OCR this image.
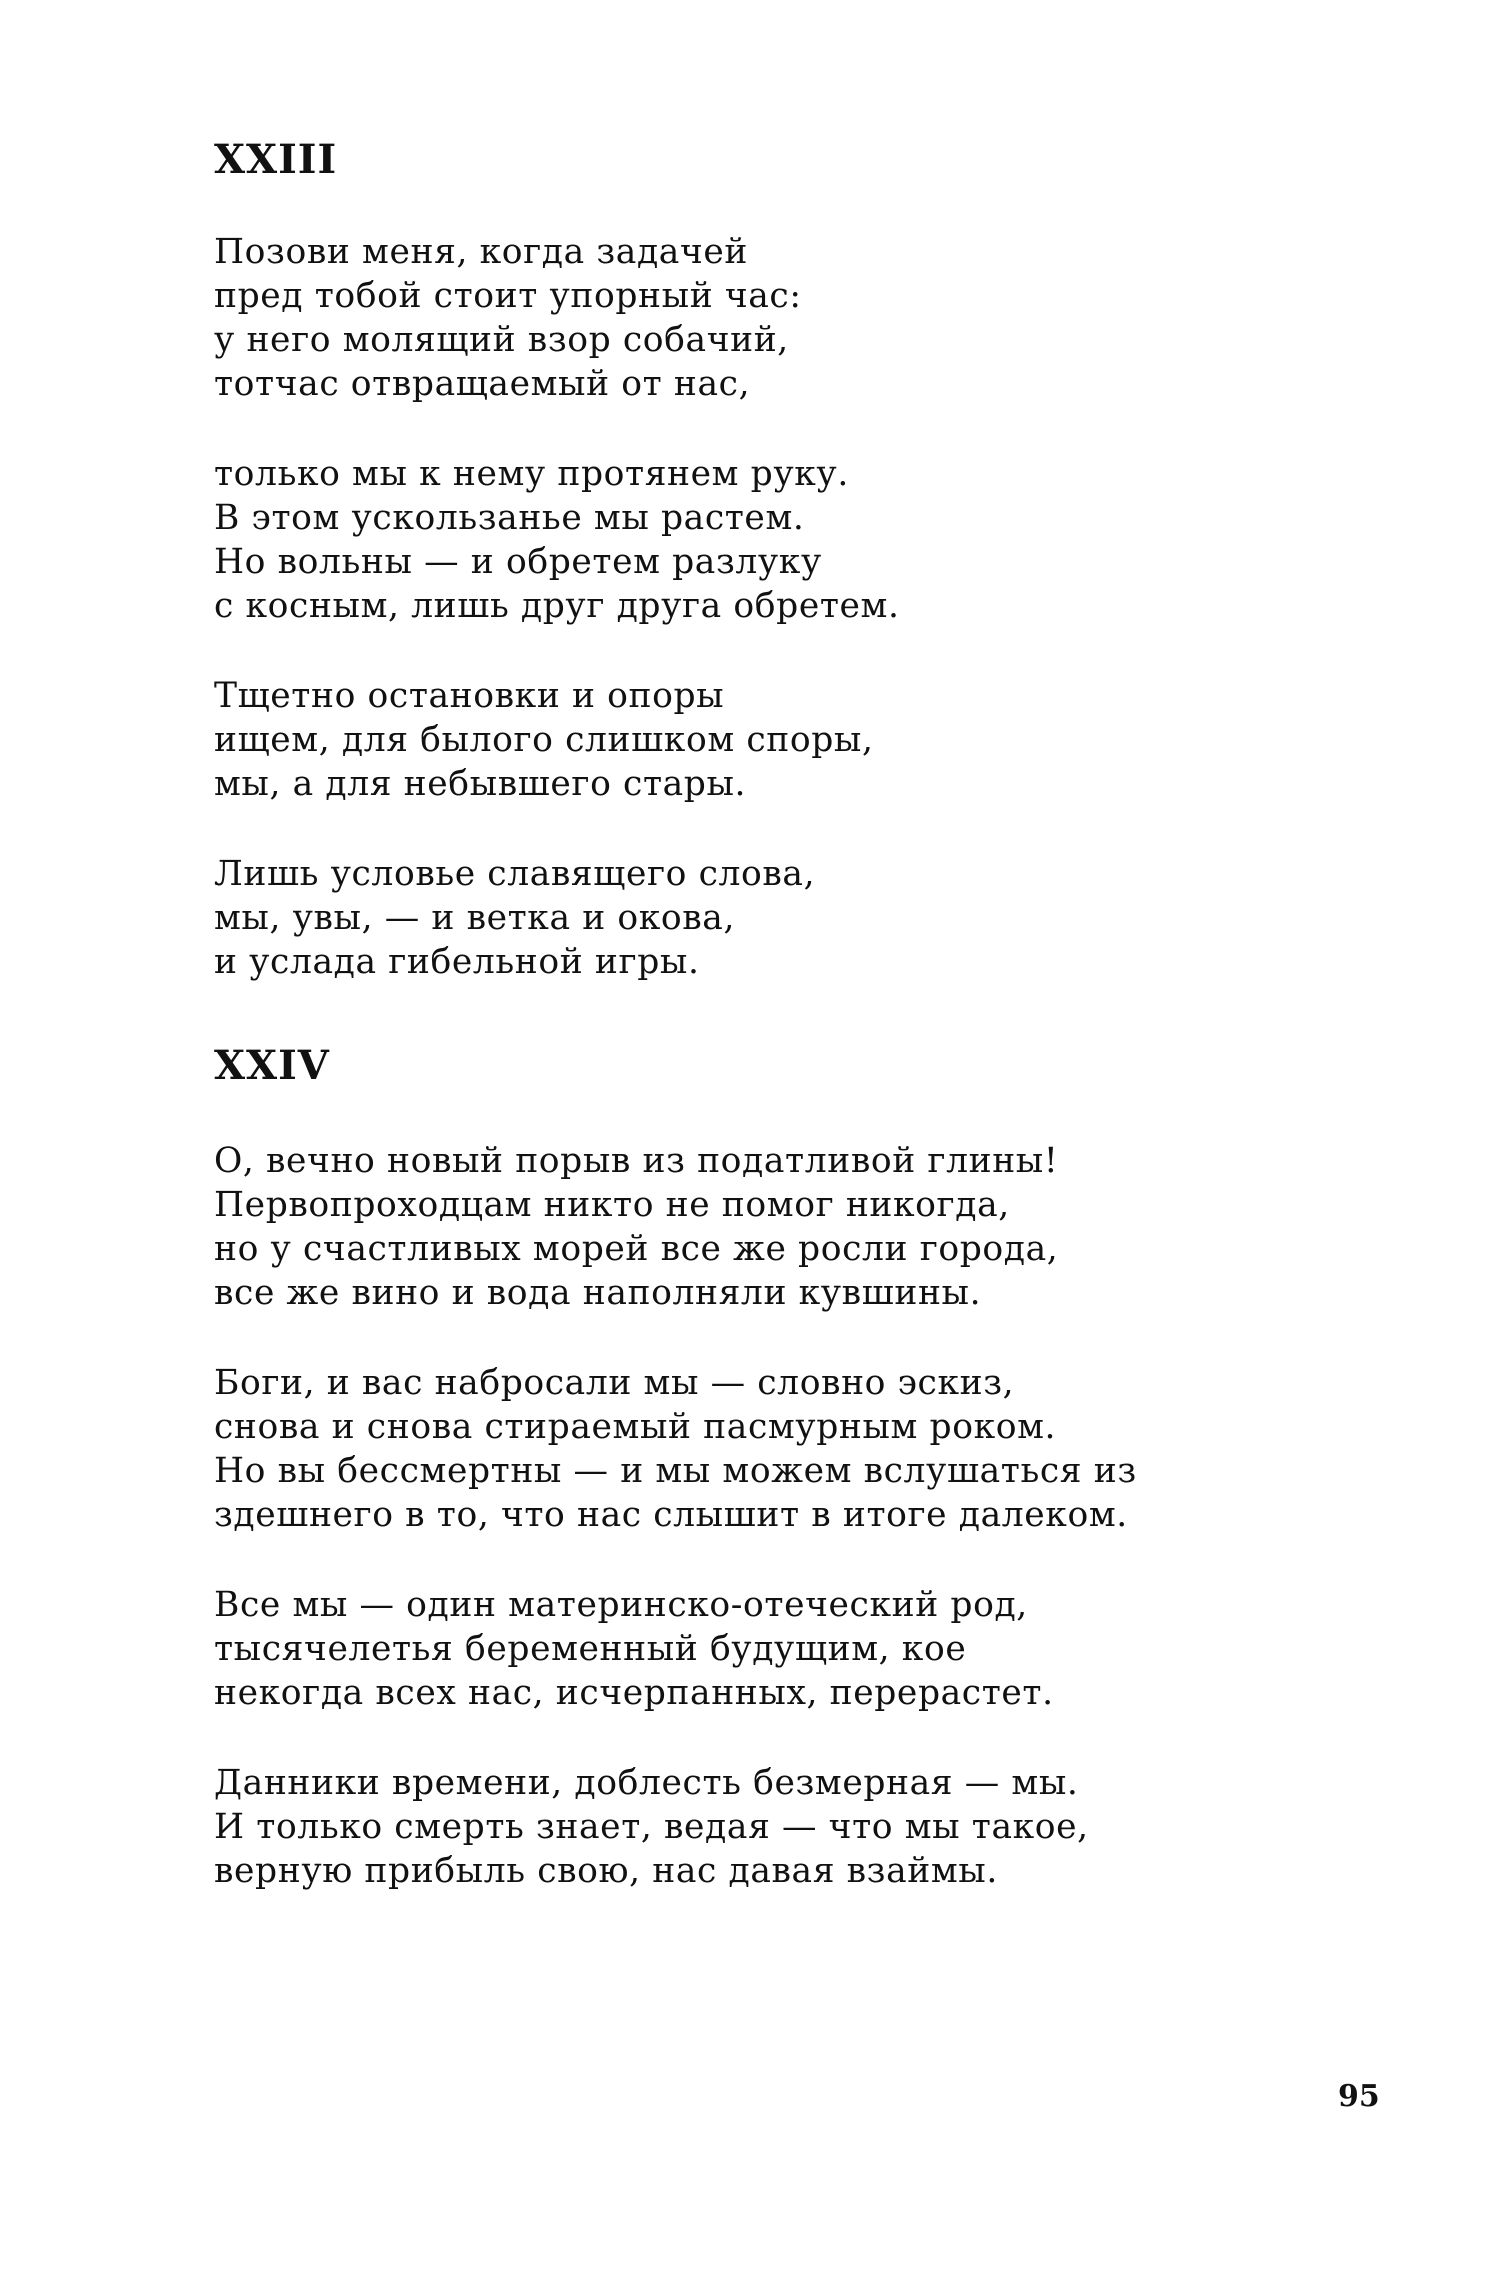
XXIII
Позови меня, когда задачей
пред тобой стоит упорный час:
у него молящий взор собачий,
тотчас отвращаемый от нас,
только мы к нему протянем руку.
В этом ускользанье мы растем.
Но вольны — и обретем разлуку
с косным, лишь друг друга обретем.
Тщетно остановки и опоры
ищем, для былого слишком споры,
мы, а для небывшего стары.
Лишь условье славящего слова,
мы, увы, — и ветка и окова,
и услада гибельной игры.
XXIV
О, вечно новый порыв из податливой глины!
Первопроходцам никто не помог никогда,
но у счастливых морей все же росли города,
все же вино и вода наполняли кувшины.
Боги, и вас набросали мы — словно эскиз,
снова и снова стираемый пасмурным роком.
Но вы бессмертны — и мы можем вслушаться из
здешнего в то, что нас слышит в итоге далеком.
Все мы — один материнско-отеческий род,
тысячелетья беременный будущим, кое
некогда всех нас, исчерпанных, перерастет.
Данники времени, доблесть безмерная — мы.
И только смерть знает, ведая — что мы такое,
верную прибыль свою, нас давая взаймы.
95
